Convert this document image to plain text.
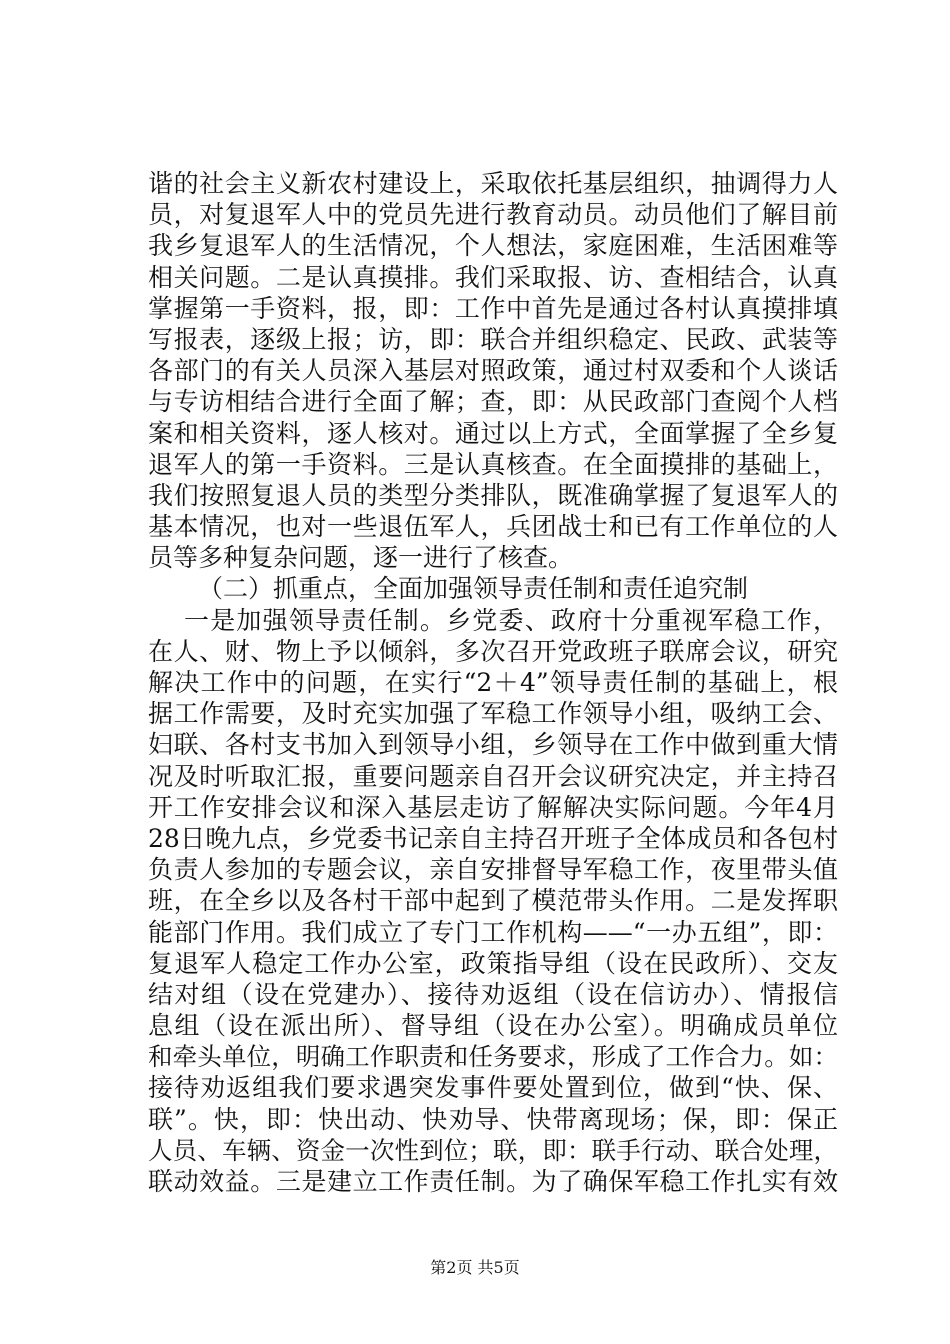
谐的社会主义新农村建设上，采取依托基层组织，抽调得力人
员，对复退军人中的党员先进行教育动员。动员他们了解目前
我乡复退军人的生活情况，个人想法，家庭困难，生活困难等
相关问题。二是认真摸排。我们采取报、访、查相结合，认真
掌握第一手资料，报，即：工作中首先是通过各村认真摸排填
写报表，逐级上报；访，即：联合并组织稳定、民政、武装等
各部门的有关人员深入基层对照政策，通过村双委和个人谈话
与专访相结合进行全面了解；查，即：从民政部门查阅个人档
案和相关资料，逐人核对。通过以上方式，全面掌握了全乡复
退军人的第一手资料。三是认真核查。在全面摸排的基础上，
我们按照复退人员的类型分类排队，既准确掌握了复退军人的
基本情况，也对一些退伍军人，兵团战士和已有工作单位的人
员等多种复杂问题，逐一进行了核查。
（二）抓重点，全面加强领导责任制和责任追究制
一是加强领导责任制。乡党委、政府十分重视军稳工作，
在人、财、物上予以倾斜，多次召开党政班子联席会议，研究
解决工作中的问题，在实行“2＋4”领导责任制的基础上，根
据工作需要，及时充实加强了军稳工作领导小组，吸纳工会、
妇联、各村支书加入到领导小组，乡领导在工作中做到重大情
况及时听取汇报，重要问题亲自召开会议研究决定，并主持召
开工作安排会议和深入基层走访了解解决实际问题。今年4月
28日晚九点，乡党委书记亲自主持召开班子全体成员和各包村
负责人参加的专题会议，亲自安排督导军稳工作，夜里带头值
班，在全乡以及各村干部中起到了模范带头作用。二是发挥职
能部门作用。我们成立了专门工作机构——“一办五组”，即：
复退军人稳定工作办公室，政策指导组（设在民政所）、交友
结对组（设在党建办）、接待劝返组（设在信访办）、情报信
息组（设在派出所）、督导组（设在办公室）。明确成员单位
和牵头单位，明确工作职责和任务要求，形成了工作合力。如：
接待劝返组我们要求遇突发事件要处置到位，做到“快、保、
联”。快，即：快出动、快劝导、快带离现场；保，即：保正
人员、车辆、资金一次性到位；联，即：联手行动、联合处理，
联动效益。三是建立工作责任制。为了确保军稳工作扎实有效
第2页 共5页
